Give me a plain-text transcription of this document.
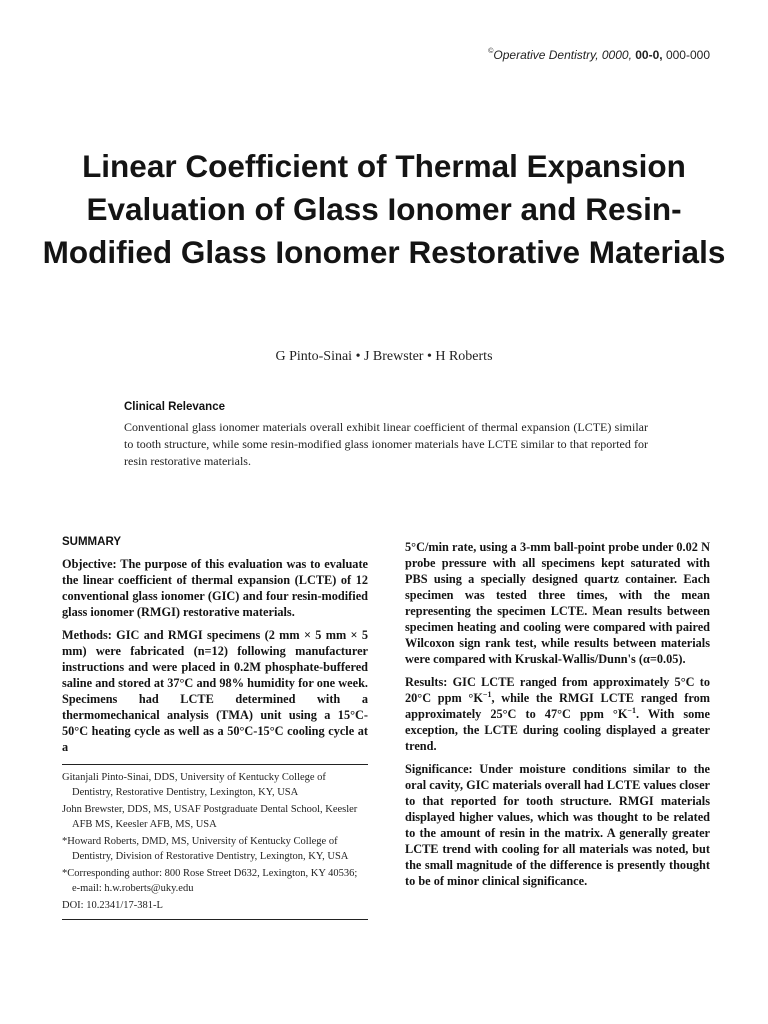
©Operative Dentistry, 0000, 00-0, 000-000
Linear Coefficient of Thermal Expansion Evaluation of Glass Ionomer and Resin-Modified Glass Ionomer Restorative Materials
G Pinto-Sinai • J Brewster • H Roberts
Clinical Relevance

Conventional glass ionomer materials overall exhibit linear coefficient of thermal expansion (LCTE) similar to tooth structure, while some resin-modified glass ionomer materials have LCTE similar to that reported for resin restorative materials.

SUMMARY

Objective: The purpose of this evaluation was to evaluate the linear coefficient of thermal expansion (LCTE) of 12 conventional glass ionomer (GIC) and four resin-modified glass ionomer (RMGI) restorative materials.

Methods: GIC and RMGI specimens (2 mm × 5 mm × 5 mm) were fabricated (n=12) following manufacturer instructions and were placed in 0.2M phosphate-buffered saline and stored at 37°C and 98% humidity for one week. Specimens had LCTE determined with a thermomechanical analysis (TMA) unit using a 15°C-50°C heating cycle as well as a 50°C-15°C cooling cycle at a

Gitanjali Pinto-Sinai, DDS, University of Kentucky College of Dentistry, Restorative Dentistry, Lexington, KY, USA

John Brewster, DDS, MS, USAF Postgraduate Dental School, Keesler AFB MS, Keesler AFB, MS, USA

*Howard Roberts, DMD, MS, University of Kentucky College of Dentistry, Division of Restorative Dentistry, Lexington, KY, USA

*Corresponding author: 800 Rose Street D632, Lexington, KY 40536; e-mail: h.w.roberts@uky.edu

DOI: 10.2341/17-381-L

5°C/min rate, using a 3-mm ball-point probe under 0.02 N probe pressure with all specimens kept saturated with PBS using a specially designed quartz container. Each specimen was tested three times, with the mean representing the specimen LCTE. Mean results between specimen heating and cooling were compared with paired Wilcoxon sign rank test, while results between materials were compared with Kruskal-Wallis/Dunn's (α=0.05).

Results: GIC LCTE ranged from approximately 5°C to 20°C ppm $^\circ K^{-1}$, while the RMGI LCTE ranged from approximately 25°C to 47°C ppm $^\circ K^{-1}$. With some exception, the LCTE during cooling displayed a greater trend.

Significance: Under moisture conditions similar to the oral cavity, GIC materials overall had LCTE values closer to that reported for tooth structure. RMGI materials displayed higher values, which was thought to be related to the amount of resin in the matrix. A generally greater LCTE trend with cooling for all materials was noted, but the small magnitude of the difference is presently thought to be of minor clinical significance.
